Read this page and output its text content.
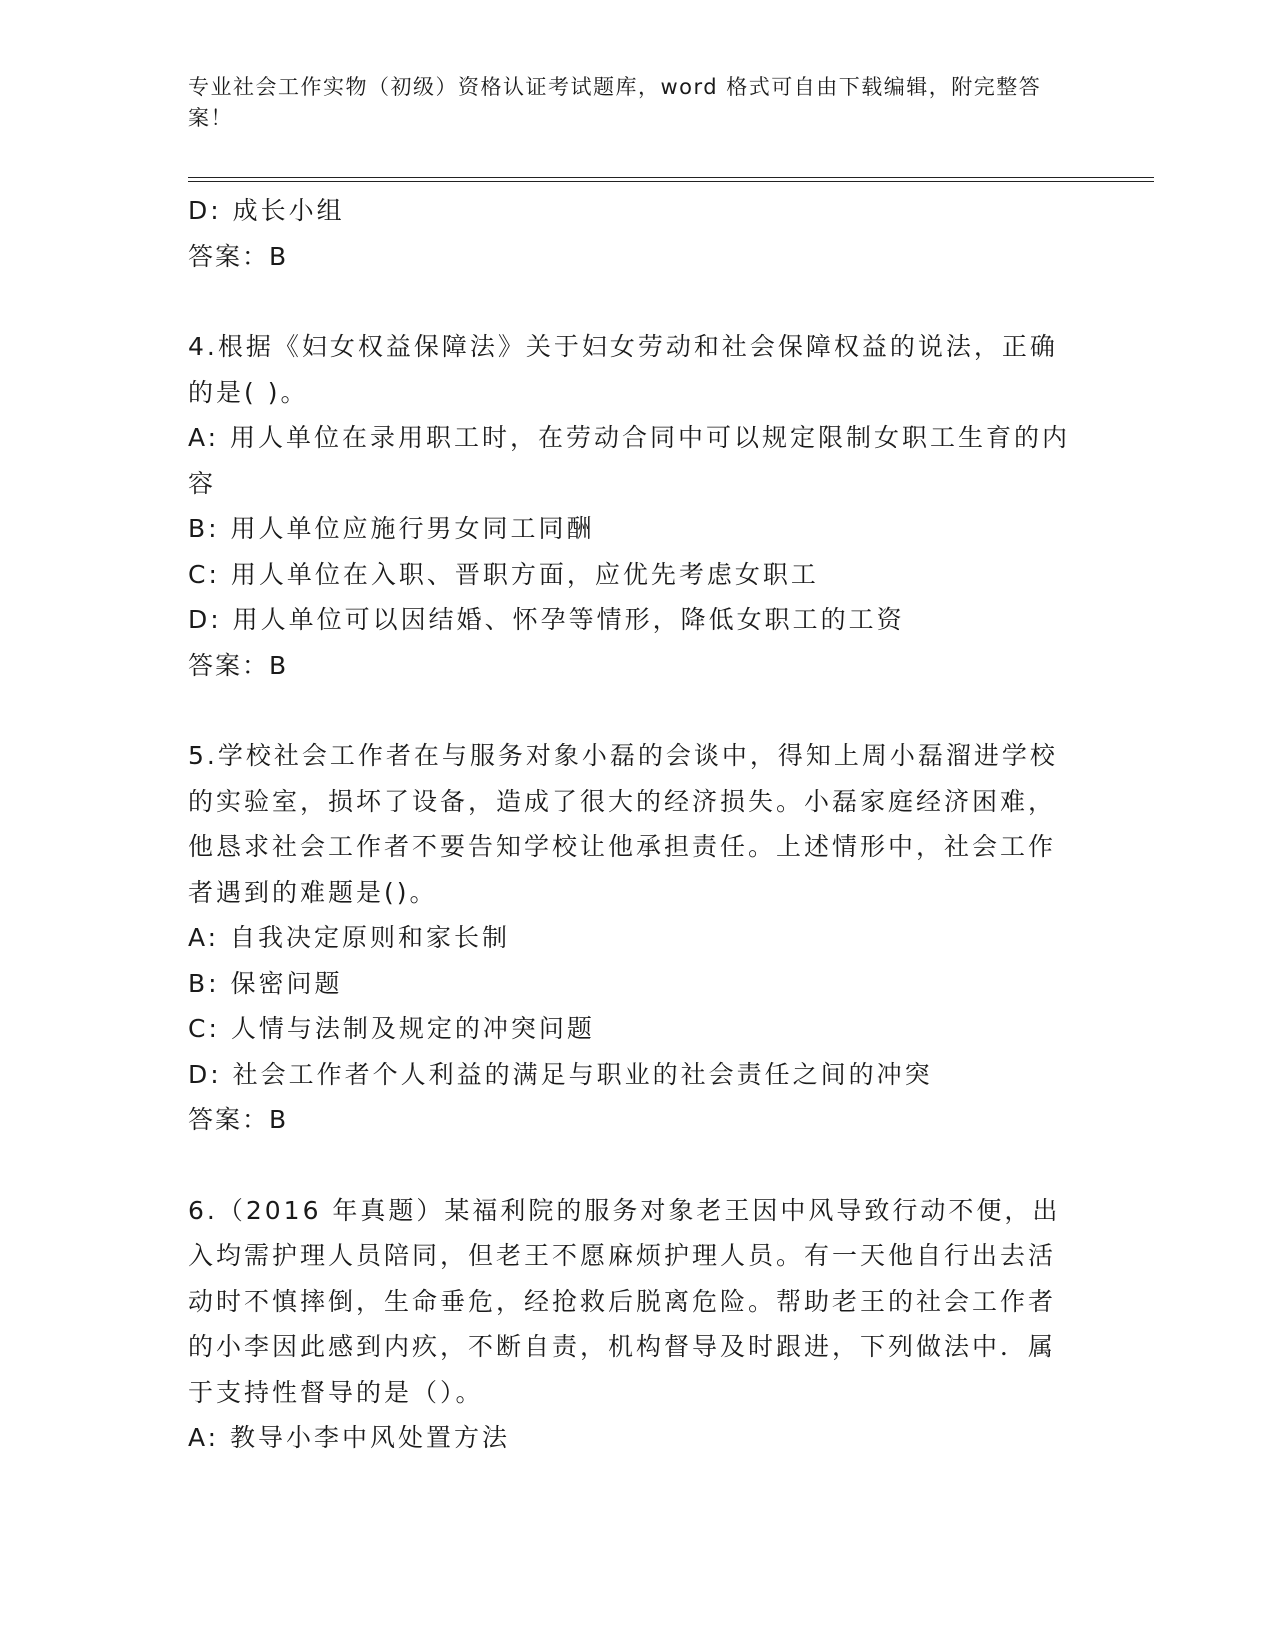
专业社会工作实物（初级）资格认证考试题库，word 格式可自由下载编辑，附完整答案！

D: 成长小组

答案：B

4.根据《妇女权益保障法》关于妇女劳动和社会保障权益的说法，正确的是( )。

A: 用人单位在录用职工时，在劳动合同中可以规定限制女职工生育的内容

B: 用人单位应施行男女同工同酬

C: 用人单位在入职、晋职方面，应优先考虑女职工

D: 用人单位可以因结婚、怀孕等情形，降低女职工的工资

答案：B

5.学校社会工作者在与服务对象小磊的会谈中，得知上周小磊溜进学校的实验室，损坏了设备，造成了很大的经济损失。小磊家庭经济困难，他恳求社会工作者不要告知学校让他承担责任。上述情形中，社会工作者遇到的难题是()。

A: 自我决定原则和家长制

B: 保密问题

C: 人情与法制及规定的冲突问题

D: 社会工作者个人利益的满足与职业的社会责任之间的冲突

答案：B

6.（2016 年真题）某福利院的服务对象老王因中风导致行动不便，出入均需护理人员陪同，但老王不愿麻烦护理人员。有一天他自行出去活动时不慎摔倒，生命垂危，经抢救后脱离危险。帮助老王的社会工作者的小李因此感到内疚，不断自责，机构督导及时跟进，下列做法中．属于支持性督导的是（）。

A: 教导小李中风处置方法
